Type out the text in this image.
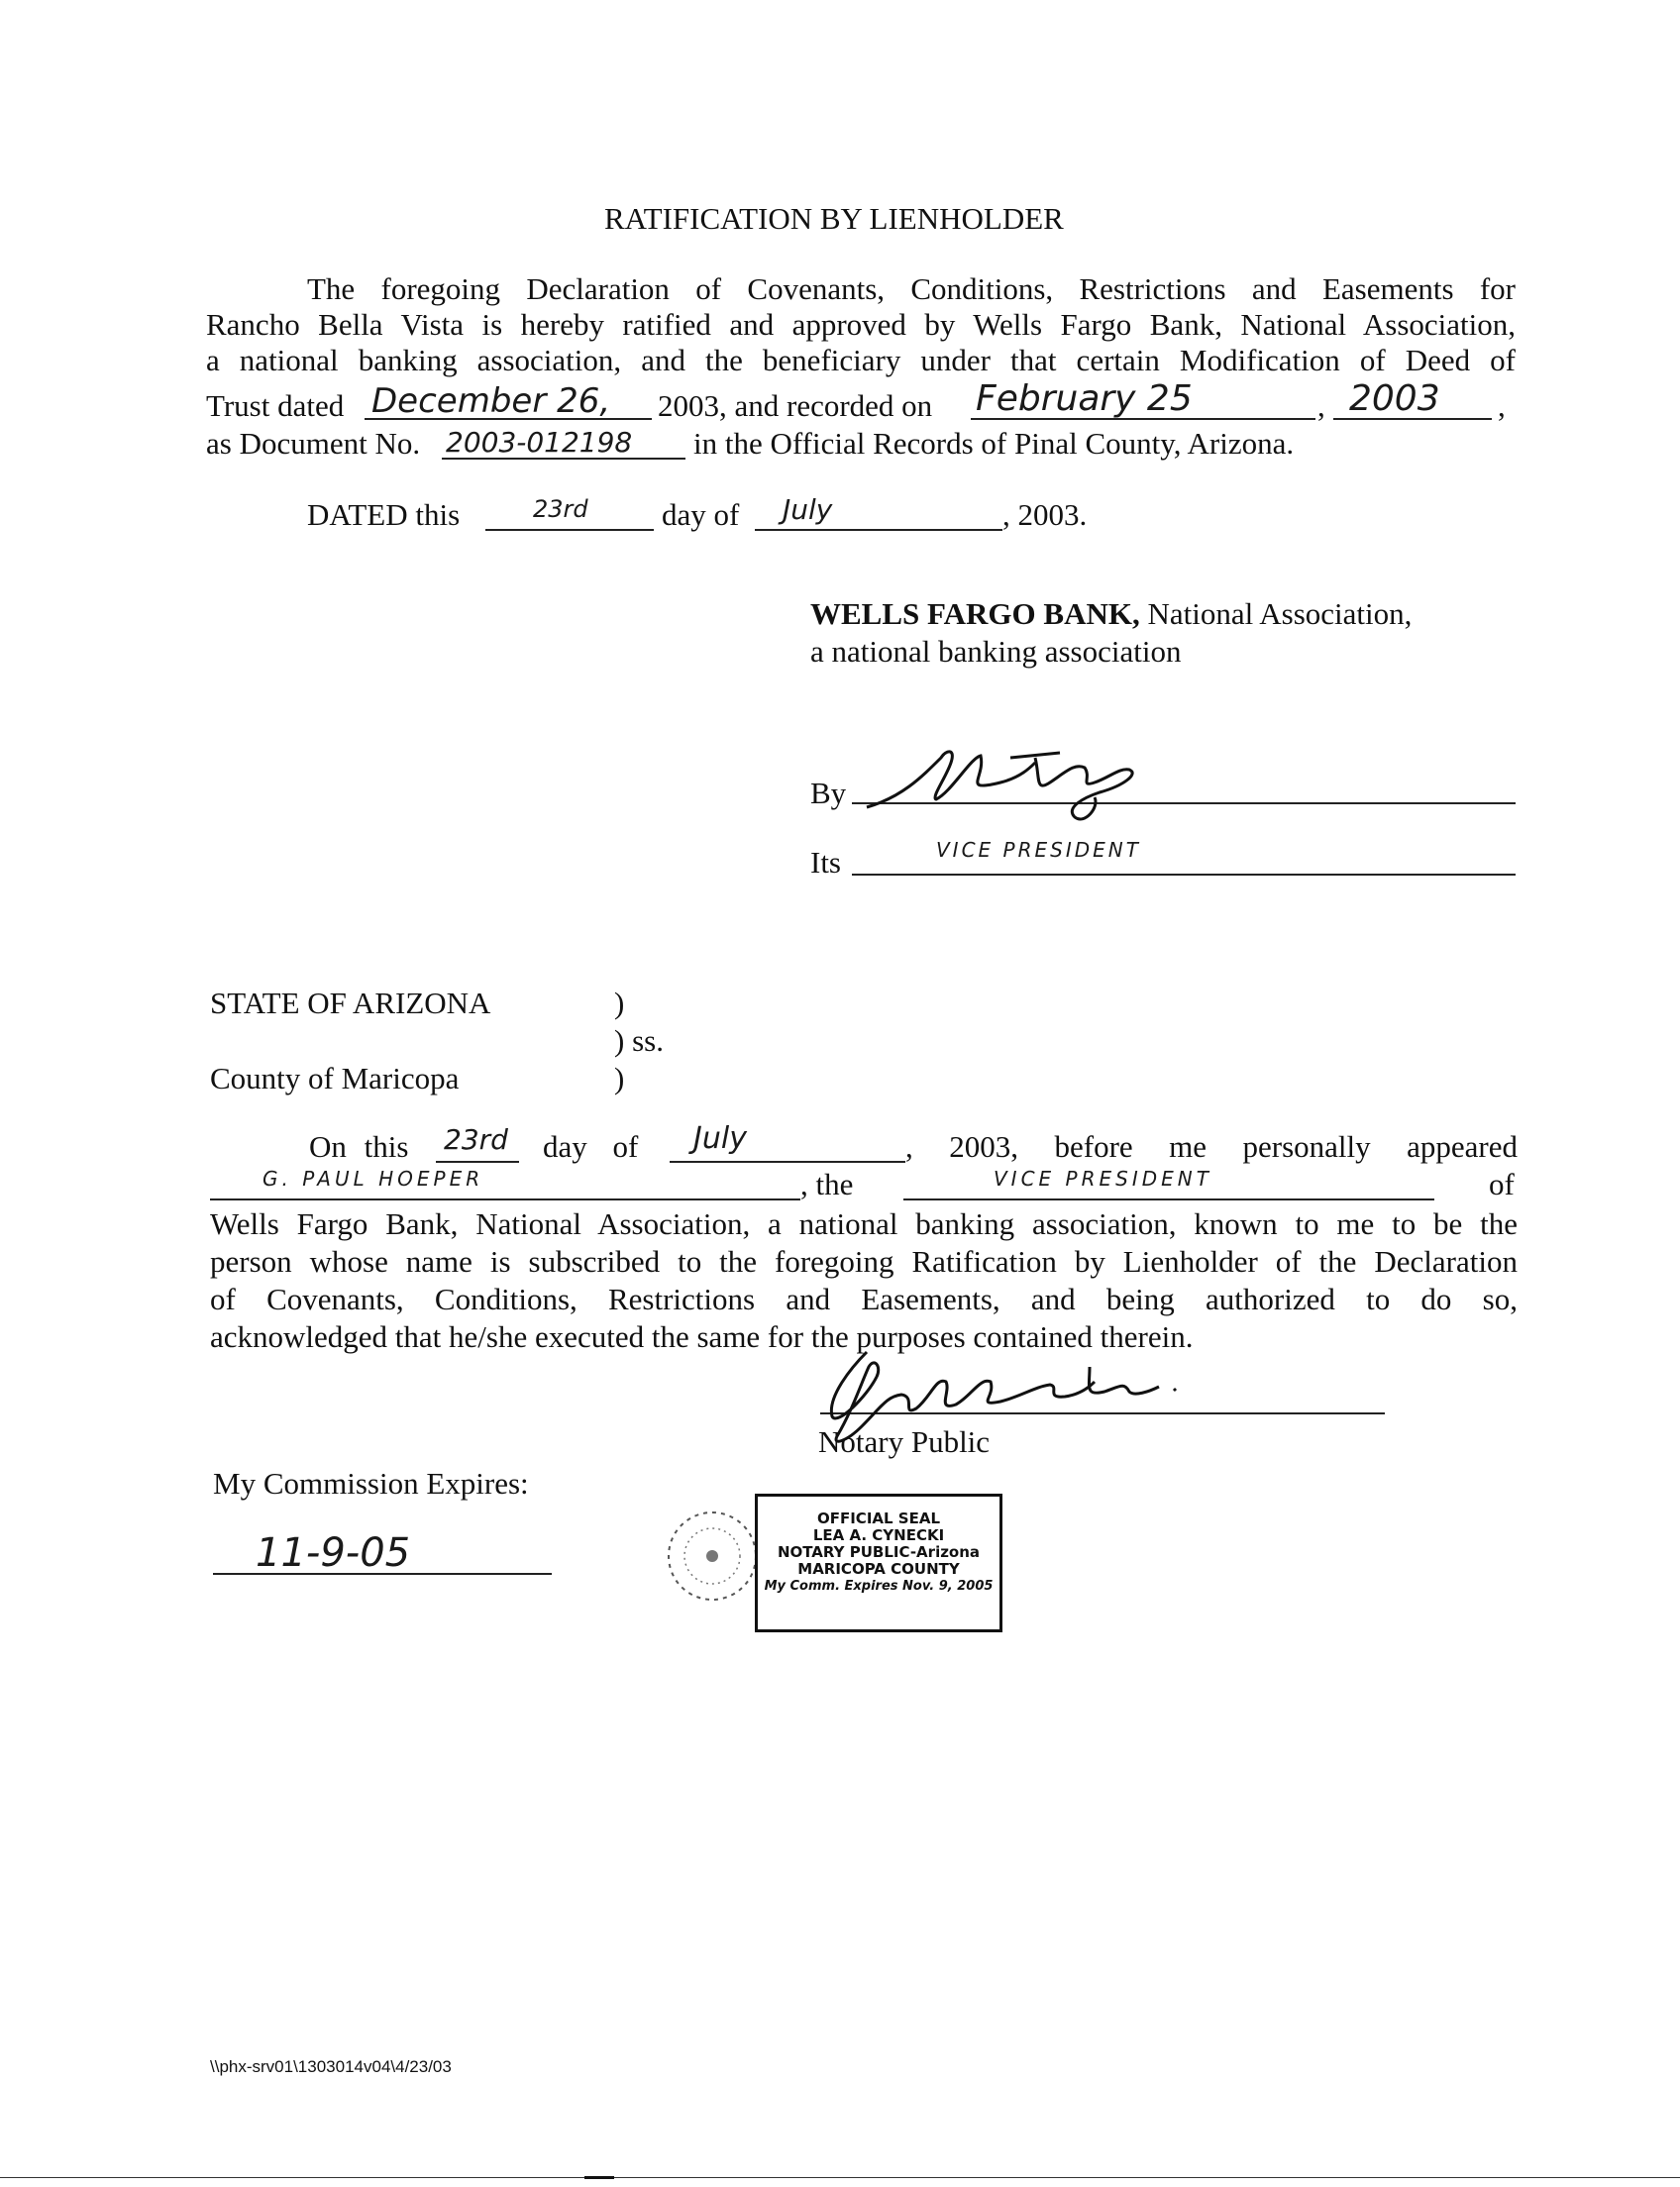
RATIFICATION BY LIENHOLDER
The foregoing Declaration of Covenants, Conditions, Restrictions and Easements for
Rancho Bella Vista is hereby ratified and approved by Wells Fargo Bank, National Association,
a national banking association, and the beneficiary under that certain Modification of Deed of
Trust dated December 26, 2003, and recorded on February 25	, 2003 ,
as Document No. 2003-012198 in the Official Records of Pinal County, Arizona.
DATED this	23rd day of July	, 2003.
WELLS FARGO BANK, National Association,
a national banking association
By
Its	VICE PRESIDENT
STATE OF ARIZONA	)
) ss.
County of Maricopa	)
On this 23rd day of July	, 2003, before me personally appeared
G. PAUL HOEPER	, the	VICE PRESIDENT	of
Wells Fargo Bank, National Association, a national banking association, known to me to be the
person whose name is subscribed to the foregoing Ratification by Lienholder of the Declaration
of Covenants, Conditions, Restrictions and Easements, and being authorized to do so,
acknowledged that he/she executed the same for the purposes contained therein.
Notary Public
My Commission Expires:
11-9-05
OFFICIAL SEAL
LEA A. CYNECKI
NOTARY PUBLIC-Arizona
MARICOPA COUNTY
My Comm. Expires Nov. 9, 2005
\\phx-srv01\1303014v04\4/23/03
